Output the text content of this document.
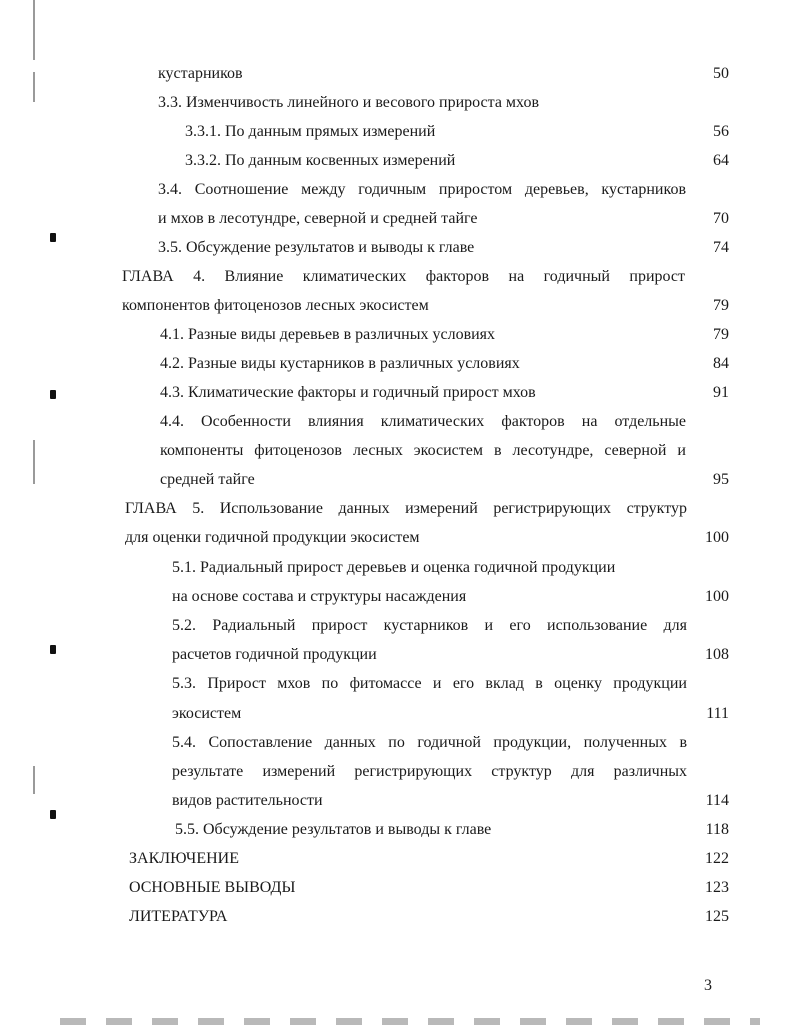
кустарников	50
3.3. Изменчивость линейного и весового прироста мхов
3.3.1. По данным прямых измерений	56
3.3.2. По данным косвенных измерений	64
3.4. Соотношение между годичным приростом деревьев, кустарников
и мхов в лесотундре, северной и средней тайге	70
3.5. Обсуждение результатов и выводы к главе	74
ГЛАВА 4. Влияние климатических факторов на годичный прирост
компонентов фитоценозов лесных экосистем	79
4.1. Разные виды деревьев в различных условиях	79
4.2. Разные виды кустарников в различных условиях	84
4.3. Климатические факторы и годичный прирост мхов	91
4.4. Особенности влияния климатических факторов на отдельные
компоненты фитоценозов лесных экосистем в лесотундре, северной и
средней тайге	95
ГЛАВА 5. Использование данных измерений регистрирующих структур
для оценки годичной продукции экосистем	100
5.1. Радиальный прирост деревьев и оценка годичной продукции
на основе состава и структуры насаждения	100
5.2. Радиальный прирост кустарников и его использование для
расчетов годичной продукции	108
5.3. Прирост мхов по фитомассе и его вклад в оценку продукции
экосистем	111
5.4. Сопоставление данных по годичной продукции, полученных в
результате измерений регистрирующих структур для различных
видов растительности	114
5.5. Обсуждение результатов и выводы к главе	118
ЗАКЛЮЧЕНИЕ	122
ОСНОВНЫЕ ВЫВОДЫ	123
ЛИТЕРАТУРА	125
3
